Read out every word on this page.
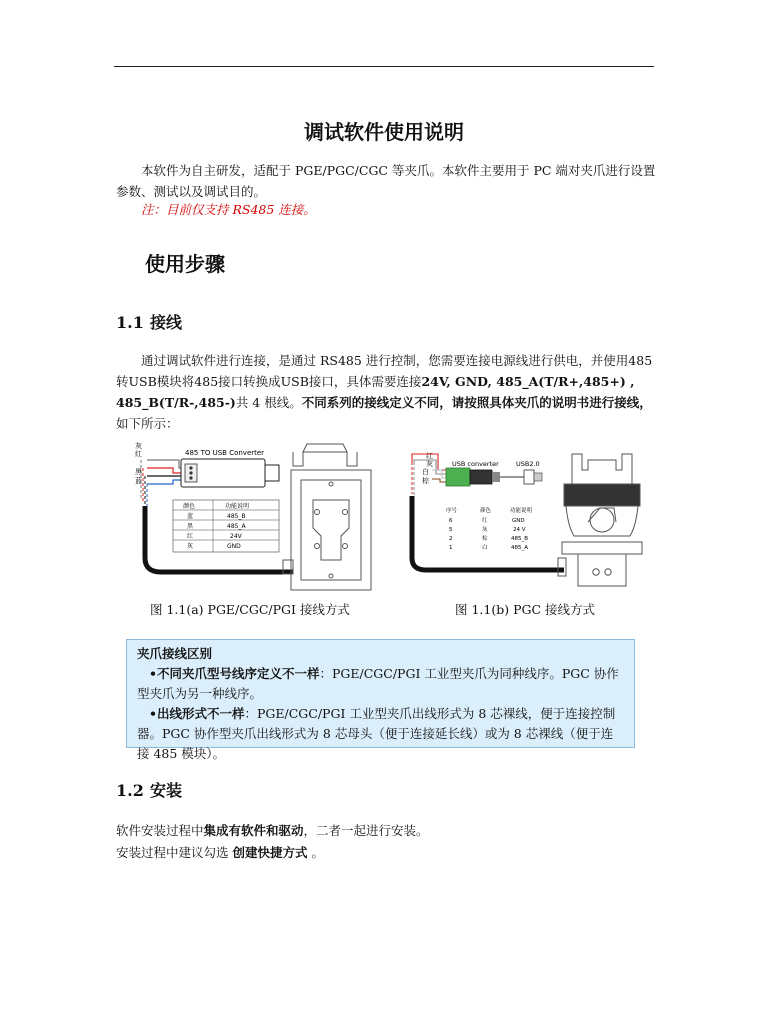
调试软件使用说明
本软件为自主研发，适配于 PGE/PGC/CGC 等夹爪。本软件主要用于 PC 端对夹爪进行设置参数、测试以及调试目的。
注：目前仅支持 RS485 连接。
使用步骤
1.1 接线
通过调试软件进行连接，是通过 RS485 进行控制，您需要连接电源线进行供电，并使用485转USB模块将485接口转换成USB接口，具体需要连接24V, GND, 485_A(T/R+,485+) , 485_B(T/R-,485-)共 4 根线。不同系列的接线定义不同，请按照具体夹爪的说明书进行接线，如下所示：
灰
红
黑
蓝
485 TO USB Converter
颜色	功能说明
蓝	485_B
黑	485_A
红	24V
灰	GND
红
灰
白
棕
USB converter	USB2.0
序号	颜色	功能说明
6	红	GND
5	灰	24 V
2	棕	485_B
1	白	485_A
图 1.1(a) PGE/CGC/PGI 接线方式	图 1.1(b) PGC 接线方式
夹爪接线区别
•不同夹爪型号线序定义不一样：PGE/CGC/PGI 工业型夹爪为同种线序。PGC 协作型夹爪为另一种线序。
•出线形式不一样：PGE/CGC/PGI 工业型夹爪出线形式为 8 芯裸线，便于连接控制器。PGC 协作型夹爪出线形式为 8 芯母头（便于连接延长线）或为 8 芯裸线（便于连接 485 模块）。
1.2 安装
软件安装过程中集成有软件和驱动，二者一起进行安装。
安装过程中建议勾选 创建快捷方式 。
